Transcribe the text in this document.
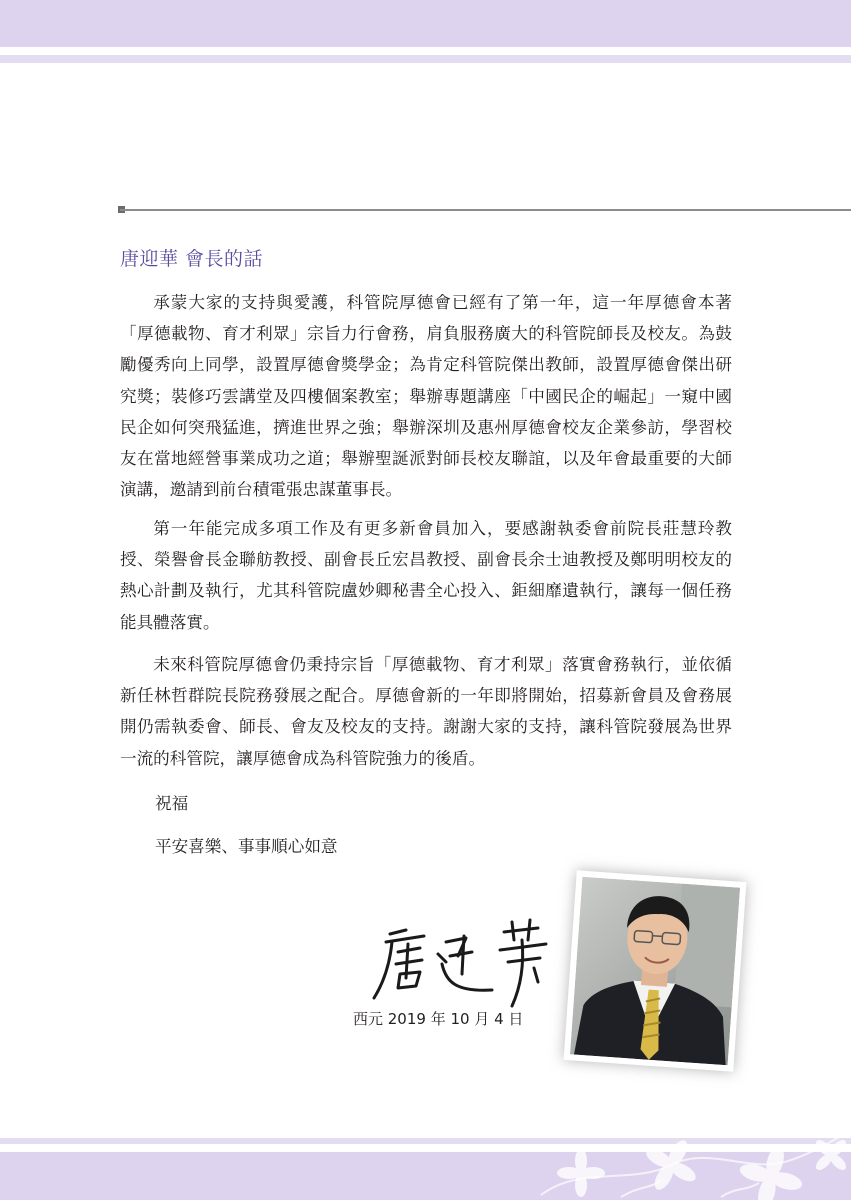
唐迎華 會長的話

承蒙大家的支持與愛護，科管院厚德會已經有了第一年，這一年厚德會本著「厚德載物、育才利眾」宗旨力行會務，肩負服務廣大的科管院師長及校友。為鼓勵優秀向上同學，設置厚德會獎學金；為肯定科管院傑出教師，設置厚德會傑出研究獎；裝修巧雲講堂及四樓個案教室；舉辦專題講座「中國民企的崛起」一窺中國民企如何突飛猛進，擠進世界之強；舉辦深圳及惠州厚德會校友企業參訪，學習校友在當地經營事業成功之道；舉辦聖誕派對師長校友聯誼，以及年會最重要的大師演講，邀請到前台積電張忠謀董事長。

第一年能完成多項工作及有更多新會員加入，要感謝執委會前院長莊慧玲教授、榮譽會長金聯舫教授、副會長丘宏昌教授、副會長余士迪教授及鄭明明校友的熱心計劃及執行，尤其科管院盧妙卿秘書全心投入、鉅細靡遺執行，讓每一個任務能具體落實。

未來科管院厚德會仍秉持宗旨「厚德載物、育才利眾」落實會務執行，並依循新任林哲群院長院務發展之配合。厚德會新的一年即將開始，招募新會員及會務展開仍需執委會、師長、會友及校友的支持。謝謝大家的支持，讓科管院發展為世界一流的科管院，讓厚德會成為科管院強力的後盾。

祝福
平安喜樂、事事順心如意
西元 2019 年 10 月 4 日
